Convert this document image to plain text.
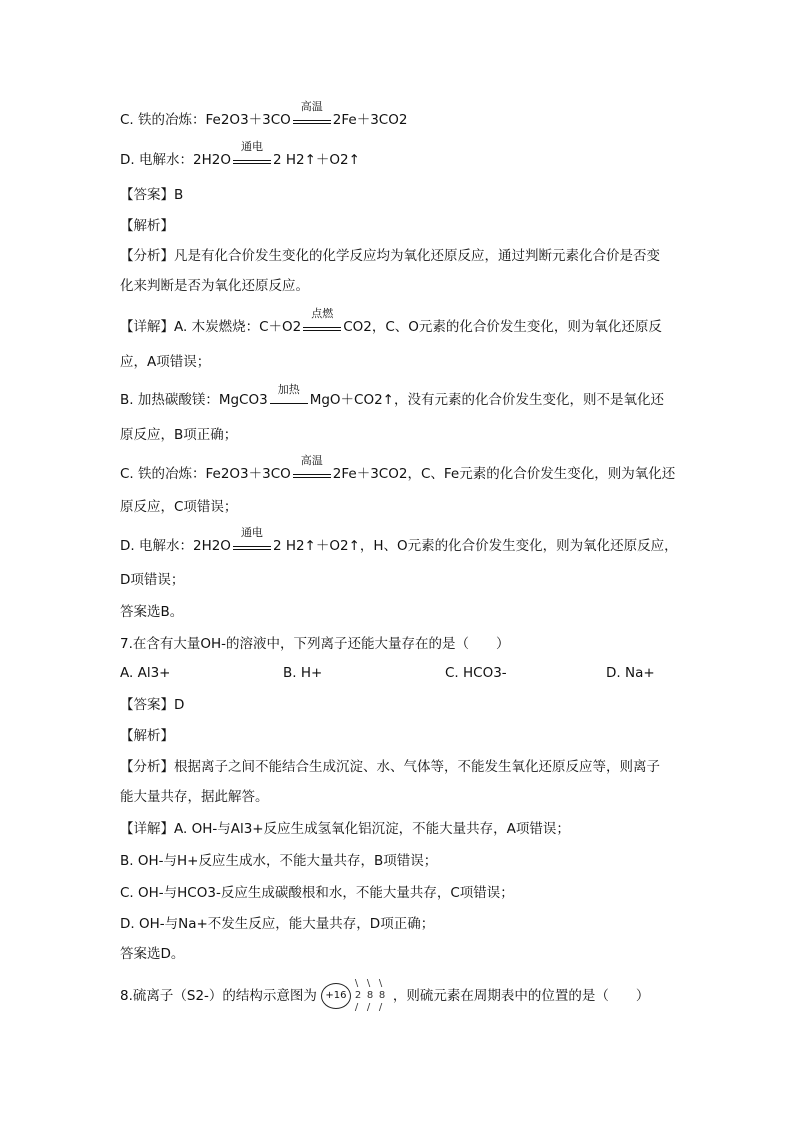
C. 铁的冶炼：Fe2O3＋3CO
高温
2Fe＋3CO2
D. 电解水：2H2O
通电
2 H2↑＋O2↑
【答案】B
【解析】
【分析】凡是有化合价发生变化的化学反应均为氧化还原反应，通过判断元素化合价是否变
化来判断是否为氧化还原反应。
【详解】A. 木炭燃烧：C＋O2
点燃
CO2，C、O元素的化合价发生变化，则为氧化还原反
应，A项错误；
B. 加热碳酸镁：MgCO3
加热
MgO＋CO2↑，没有元素的化合价发生变化，则不是氧化还
原反应，B项正确；
C. 铁的冶炼：Fe2O3＋3CO
高温
2Fe＋3CO2，C、Fe元素的化合价发生变化，则为氧化还
原反应，C项错误；
D. 电解水：2H2O
通电
2 H2↑＋O2↑，H、O元素的化合价发生变化，则为氧化还原反应，
D项错误；
答案选B。
7.在含有大量OH-的溶液中，下列离子还能大量存在的是（　　）
A. Al3+	B. H+	C. HCO3-	D. Na+
【答案】D
【解析】
【分析】根据离子之间不能结合生成沉淀、水、气体等，不能发生氧化还原反应等，则离子
能大量共存，据此解答。
【详解】A. OH-与Al3+反应生成氢氧化铝沉淀，不能大量共存，A项错误；
B. OH-与H+反应生成水，不能大量共存，B项错误；
C. OH-与HCO3-反应生成碳酸根和水，不能大量共存，C项错误；
D. OH-与Na+不发生反应，能大量共存，D项正确；
答案选D。
8.硫离子（S2-）的结构示意图为 +16
\
2
/
\
8
/
\
8
/
，则硫元素在周期表中的位置的是（　　）
